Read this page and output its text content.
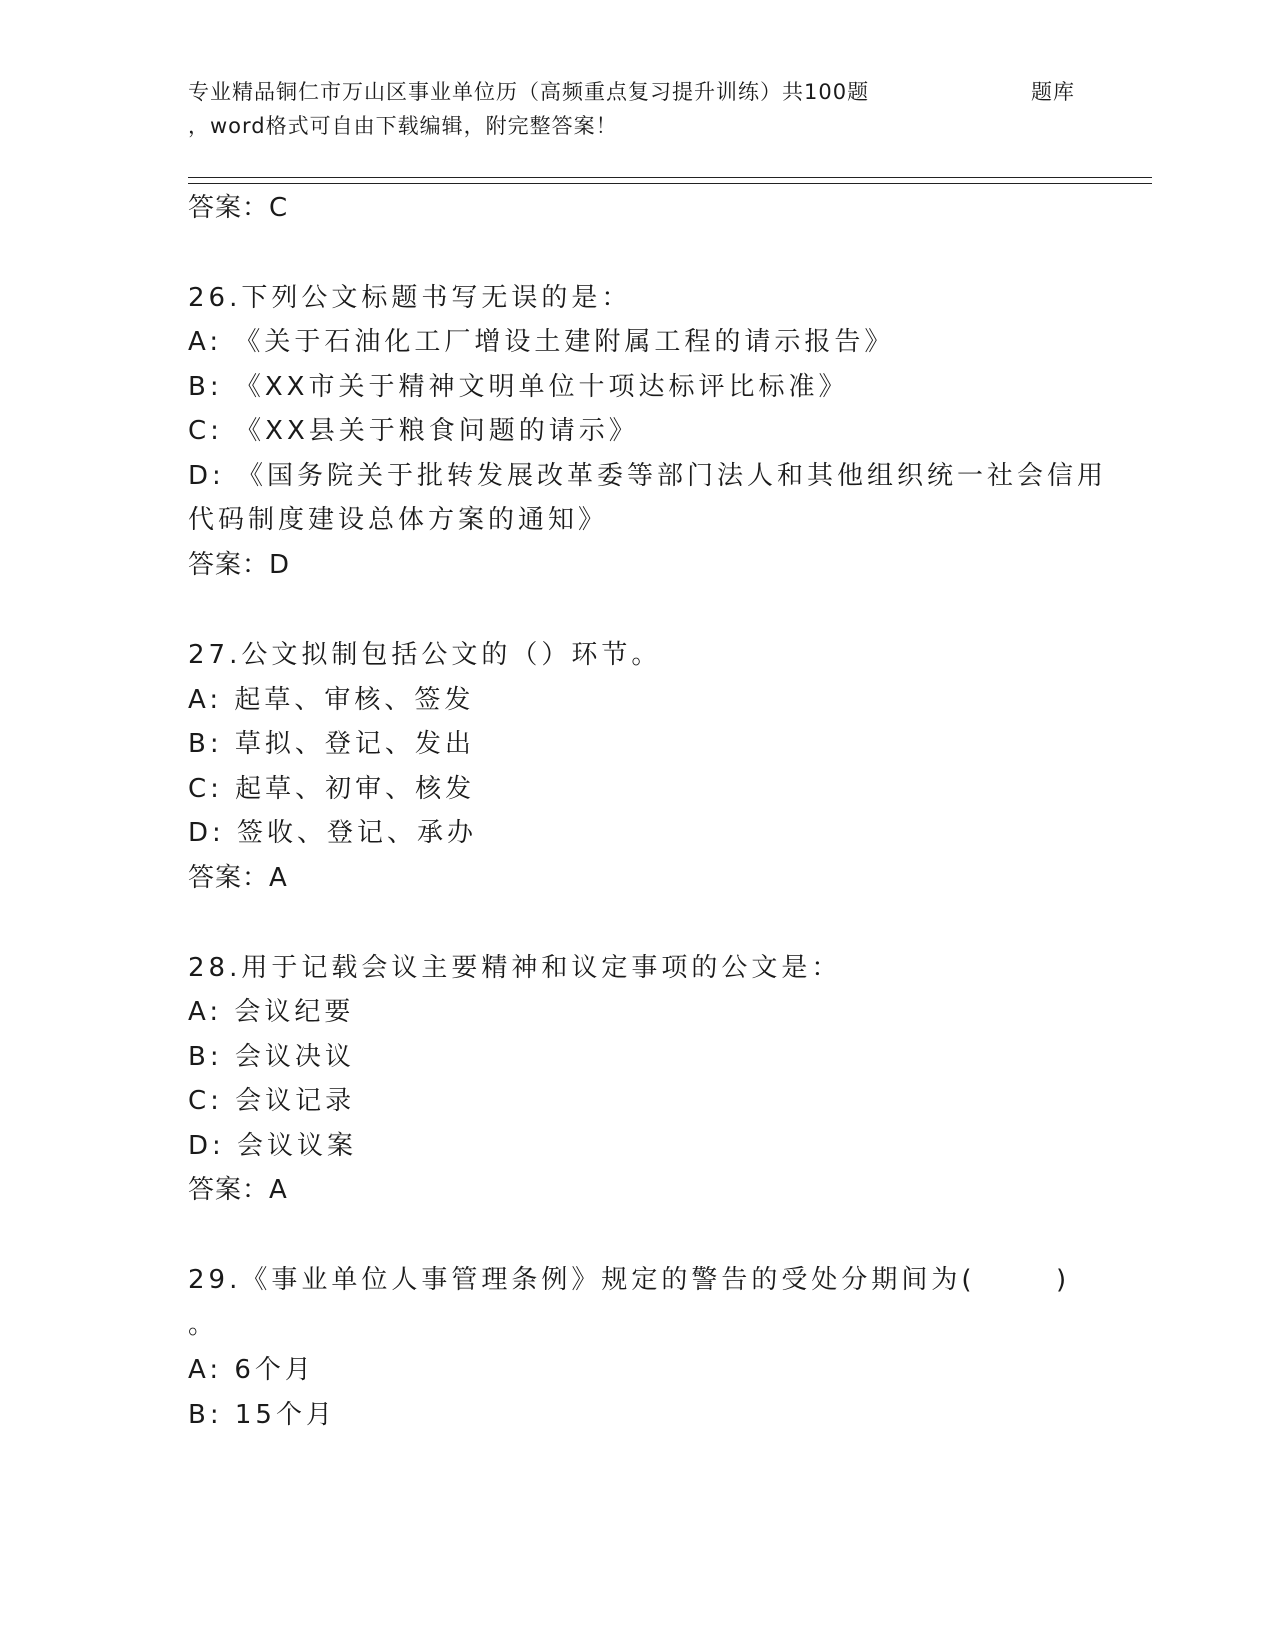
专业精品铜仁市万山区事业单位历（高频重点复习提升训练）共100题	题库
，word格式可自由下载编辑，附完整答案！
答案：C
26.下列公文标题书写无误的是：
A: 《关于石油化工厂增设土建附属工程的请示报告》
B: 《XX市关于精神文明单位十项达标评比标准》
C: 《XX县关于粮食问题的请示》
D: 《国务院关于批转发展改革委等部门法人和其他组织统一社会信用
代码制度建设总体方案的通知》
答案：D
27.公文拟制包括公文的（）环节。
A: 起草、审核、签发
B: 草拟、登记、发出
C: 起草、初审、核发
D: 签收、登记、承办
答案：A
28.用于记载会议主要精神和议定事项的公文是：
A: 会议纪要
B: 会议决议
C: 会议记录
D: 会议议案
答案：A
29.《事业单位人事管理条例》规定的警告的受处分期间为(	)
。
A: 6个月
B: 15个月
